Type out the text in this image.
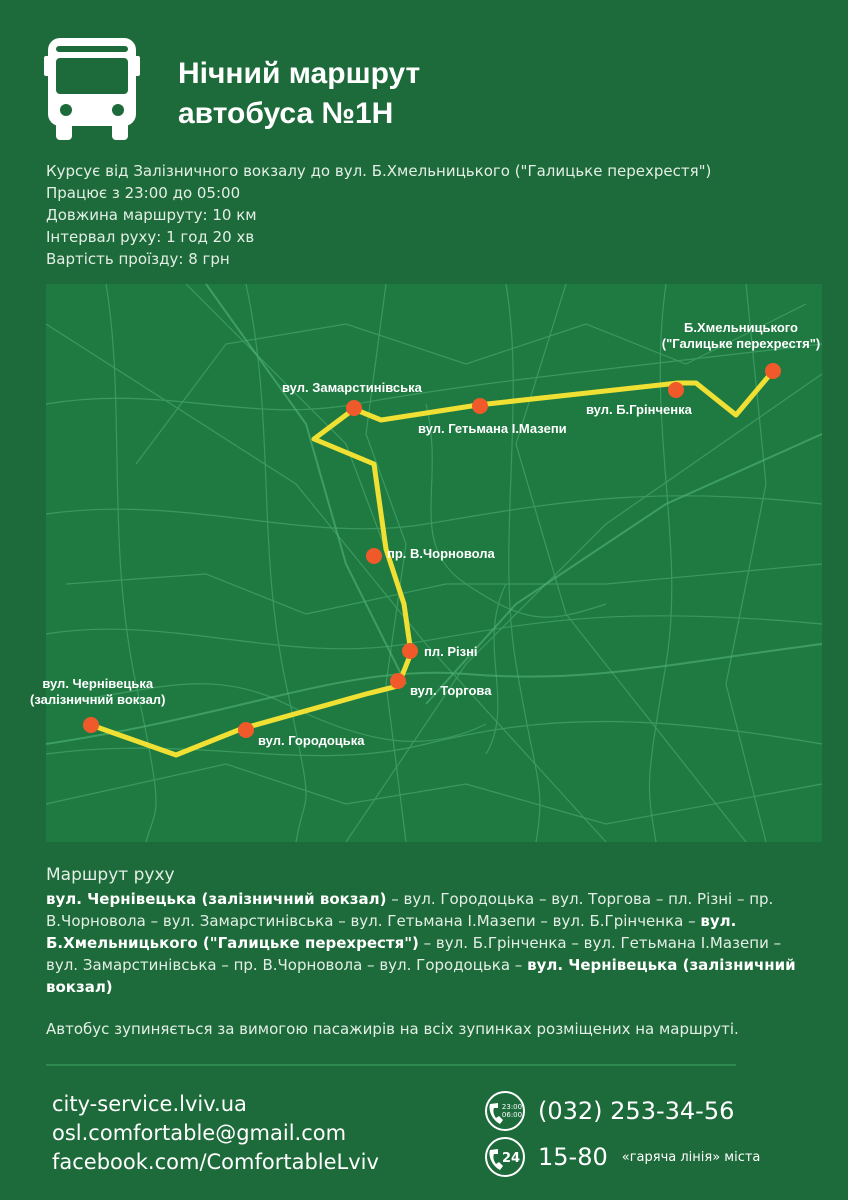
Нічний маршрут
автобуса №1Н
Курсує від Залізничного вокзалу до вул. Б.Хмельницького ("Галицьке перехрестя")
Працює з 23:00 до 05:00
Довжина маршруту: 10 км
Інтервал руху: 1 год 20 хв
Вартість проїзду: 8 грн
вул. Чернівецька
(залізничний вокзал)
вул. Городоцька
вул. Торгова
пл. Різні
пр. В.Чорновола
вул. Замарстинівська
вул. Гетьмана І.Мазепи
вул. Б.Грінченка
Б.Хмельницького
("Галицьке перехрестя")
Маршрут руху
вул. Чернівецька (залізничний вокзал) – вул. Городоцька – вул. Торгова – пл. Різні – пр. В.Чорновола – вул. Замарстинівська – вул. Гетьмана І.Мазепи – вул. Б.Грінченка – вул. Б.Хмельницького ("Галицьке перехрестя") – вул. Б.Грінченка – вул. Гетьмана І.Мазепи – вул. Замарстинівська – пр. В.Чорновола – вул. Городоцька – вул. Чернівецька (залізничний вокзал)
Автобус зупиняється за вимогою пасажирів на всіх зупинках розміщених на маршруті.
city-service.lviv.ua
osl.comfortable@gmail.com
facebook.com/ComfortableLviv
23:00
06:00 (032) 253-34-56
24 15-80 «гаряча лінія» міста
